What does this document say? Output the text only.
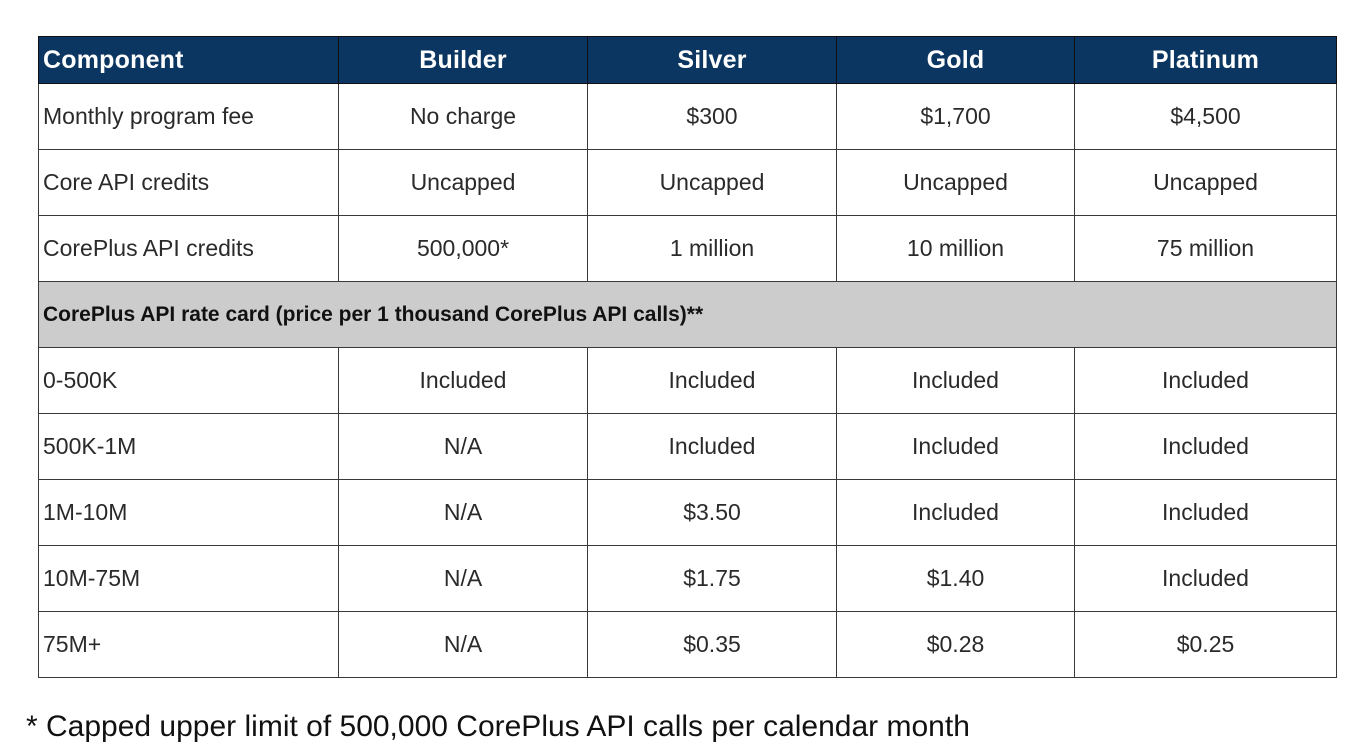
Component	Builder	Silver	Gold	Platinum
Monthly program fee	No charge	$300	$1,700	$4,500
Core API credits	Uncapped	Uncapped	Uncapped	Uncapped
CorePlus API credits	500,000*	1 million	10 million	75 million
CorePlus API rate card (price per 1 thousand CorePlus API calls)**				
0-500K	Included	Included	Included	Included
500K-1M	N/A	Included	Included	Included
1M-10M	N/A	$3.50	Included	Included
10M-75M	N/A	$1.75	$1.40	Included
75M+	N/A	$0.35	$0.28	$0.25
* Capped upper limit of 500,000 CorePlus API calls per calendar month
